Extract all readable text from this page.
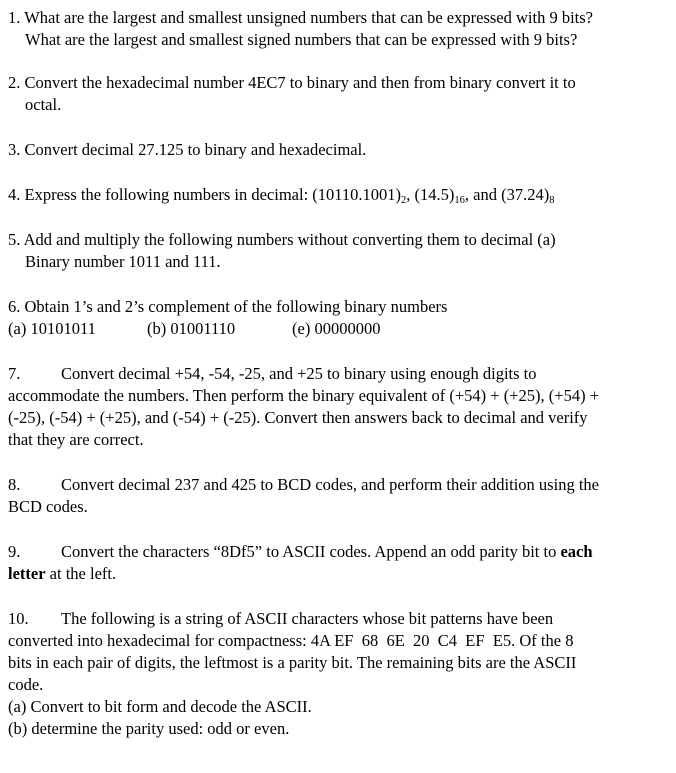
1. What are the largest and smallest unsigned numbers that can be expressed with 9 bits?
What are the largest and smallest signed numbers that can be expressed with 9 bits?
2. Convert the hexadecimal number 4EC7 to binary and then from binary convert it to
octal.
3. Convert decimal 27.125 to binary and hexadecimal.
4. Express the following numbers in decimal: $(10110.1001)_2$, $(14.5)_{16}$, and $(37.24)_8$
5. Add and multiply the following numbers without converting them to decimal (a)
Binary number 1011 and 111.
6. Obtain 1’s and 2’s complement of the following binary numbers
(a) 10101011	(b) 01001110	(e) 00000000
7. Convert decimal +54, -54, -25, and +25 to binary using enough digits to
accommodate the numbers. Then perform the binary equivalent of (+54) + (+25), (+54) +
(-25), (-54) + (+25), and (-54) + (-25). Convert then answers back to decimal and verify
that they are correct.
8. Convert decimal 237 and 425 to BCD codes, and perform their addition using the
BCD codes.
9. Convert the characters “8Df5” to ASCII codes. Append an odd parity bit to each
letter at the left.
10. The following is a string of ASCII characters whose bit patterns have been
converted into hexadecimal for compactness: 4A EF  68  6E  20  C4  EF  E5. Of the 8
bits in each pair of digits, the leftmost is a parity bit. The remaining bits are the ASCII
code.
(a) Convert to bit form and decode the ASCII.
(b) determine the parity used: odd or even.
